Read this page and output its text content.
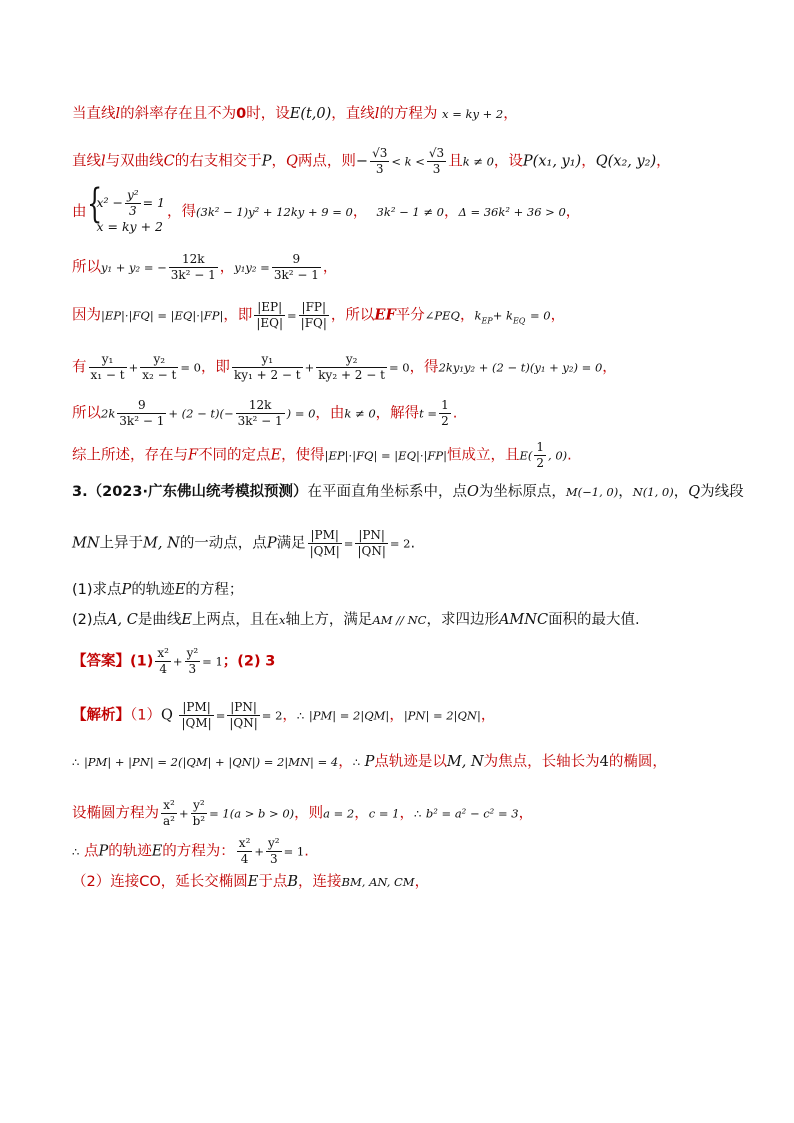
当直线l的斜率存在且不为0时，设E(t,0)，直线l的方程为 x = ky + 2，
直线l与双曲线C的右支相交于P，Q两点，则− $\frac{√3}{3} < k < \frac{√3}{3}$ 且k ≠ 0，设P(x₁, y₁)，Q(x₂, y₂)，
由 {
$x^2 - \frac{\text{y²}}{3} = 1$
x = ky + 2
，得(3k² − 1)y² + 12ky + 9 = 0， 3k² − 1 ≠ 0，Δ = 36k² + 36 > 0，
所以y₁ + y₂ = − $\frac{12k}{\text{3k² − 1}}$ ，$y_1y_2 = \frac{9}{\text{3k² − 1}}$ ，
因为|EP|·|FQ| = |EQ|·|FP|，即 $\frac{|EP|}{|EQ|} = \frac{|FP|}{|FQ|}$ ，所以EF平分∠PEQ，$k_{EP}+ k_{EQ} = 0$，
有 $\frac{\text{y₁}}{\text{x₁ − t}} + \frac{\text{y₂}}{\text{x₂ − t}} = 0$，即 $\frac{\text{y₁}}{\text{ky₁ + 2 − t}} + \frac{\text{y₂}}{\text{ky₂ + 2 − t}} = 0$，得2ky₁y₂ + (2 − t)(y₁ + y₂) = 0，
所以$2k \frac{9}{\text{3k² − 1}} + (2 - t)(- \frac{12k}{\text{3k² − 1}}$ ) = 0，由k ≠ 0，解得$t = \frac{1}{2}$ .
综上所述，存在与F不同的定点E，使得|EP|·|FQ| = |EQ|·|FP|恒成立，且$E( \frac{1}{2}$ , 0).
3.（2023·广东佛山统考模拟预测）在平面直角坐标系中，点O为坐标原点，M(−1, 0)，N(1, 0)，Q为线段
MN上异于M, N的一动点，点P满足 $\frac{|PM|}{|QM|} = \frac{|PN|}{|QN|} = 2$.
(1)求点P的轨迹E的方程；
(2)点A, C是曲线E上两点，且在x轴上方，满足AM // NC，求四边形AMNC面积的最大值.
【答案】$(1) \frac{\text{x²}}{4} + \frac{\text{y²}}{3} = 1$；(2) 3
【解析】$(1)Q \frac{|PM|}{|QM|} = \frac{|PN|}{|QN|} = 2$，∴ |PM| = 2|QM|，|PN| = 2|QN|，
∴ |PM| + |PN| = 2(|QM| + |QN|) = 2|MN| = 4，∴ P点轨迹是以M, N为焦点，长轴长为4的椭圆，
设椭圆方程为 $\frac{\text{x²}}{\text{a²}} + \frac{\text{y²}}{\text{b²}} = 1(a > b > 0)$，则a = 2，c = 1，∴ b² = a² − c² = 3，
∴ 点P的轨迹E的方程为： $\frac{\text{x²}}{4} + \frac{\text{y²}}{3} = 1$.
（2）连接CO，延长交椭圆E于点B，连接BM, AN, CM，
